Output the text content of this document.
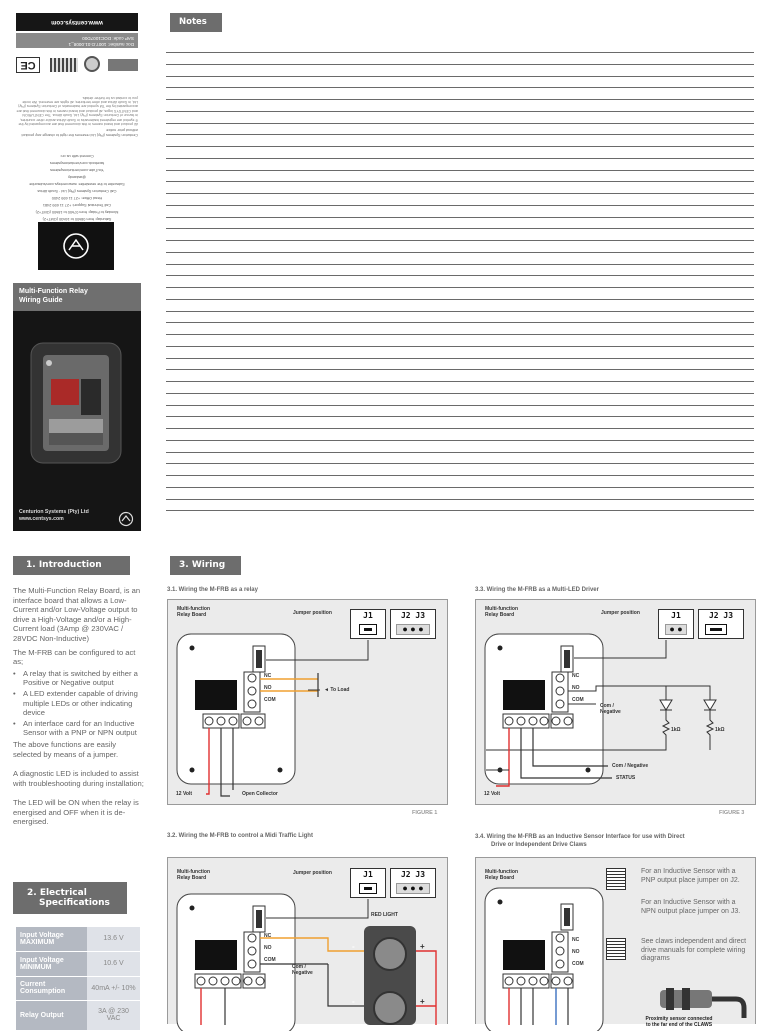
www.centsys.com
Doc number: 1007.D.01.0008_1
SAP code: DOC1007D00
CE
All product and brand names in this document that are accompanied by the ® symbol are registered trademarks in South Africa and/or other countries, in favour of Centurion Systems (Pty) Ltd, South Africa. The CENTURION and CENTSYS logos, all product and brand names in this document that are accompanied by the TM symbol are trademarks of Centurion Systems (Pty) Ltd, in South Africa and other territories; all rights are reserved. We invite you to contact us for further details.
Centurion Systems (Pty) Ltd reserves the right to change any product without prior notice
Saturday: from 08h00 to 16h30 (GMT+2)
Monday to Friday: from 07h00 to 18h00 (GMT+2)
Call Technical Support: +27 11 699 2481
Head Office: +27 11 699 2400
Call Centurion Systems (Pty) Ltd · South Africa
Subscribe to the newsletter: www.centsys.com/subscribe
@askandy
YouTube.com/centurionsystems
facebook.com/centurionsystems
Connect with us on:
Multi-Function Relay
Wiring Guide
Centurion Systems (Pty) Ltd
www.centsys.com
Notes
1. Introduction

The Multi-Function Relay Board, is an interface board that allows a Low-Current and/or Low-Voltage output to drive a High-Voltage and/or a High-Current load (3Amp @ 230VAC / 28VDC Non-Inductive)

The M-FRB can be configured to act as;

• A relay that is switched by either a Positive or Negative output
• A LED extender capable of driving multiple LEDs or other indicating device
• An interface card for an Inductive Sensor with a PNP or NPN output

The above functions are easily selected by means of a jumper.

A diagnostic LED is included to assist with troubleshooting during installation;

The LED will be ON when the relay is energised and OFF when it is de-energised.

2. Electrical
Specifications
Input Voltage MAXIMUM	13.6 V
Input Voltage MINIMUM	10.6 V
Current Consumption	40mA +/- 10%
Relay Output	3A @ 230 VAC
3. Wiring
3.1. Wiring the M-FRB as a relay	3.3. Wiring the M-FRB as a Multi-LED Driver
3.2. Wiring the M-FRB to control a Midi Traffic Light	3.4. Wiring the M-FRB as an Inductive Sensor Interface for use with Direct
Drive or Independent Drive Claws
Multi-function
Relay Board	Jumper position	J1	J2 J3
● ● ●
NC
NO
COM
◄ To Load
12 Volt	Open Collector
FIGURE 1
Multi-function
Relay Board	Jumper position	J1
● ●
J2 J3
NC
NO
COM
Com /
Negative
1kΩ	1kΩ
Com / Negative
STATUS
12 Volt
FIGURE 3
Multi-function
Relay Board
Jumper position	J1	J2 J3
● ● ●
RED LIGHT
NC
NO
COM
Com /
Negative
-	+
-	+
Multi-function
Relay Board
NC
NO
COM
For an Inductive Sensor with a PNP output place jumper on J2.
For an Inductive Sensor with a NPN output place jumper on J3.
See claws independent and direct drive manuals for complete wiring diagrams
Proximity sensor connected
to the far end of the CLAWS
